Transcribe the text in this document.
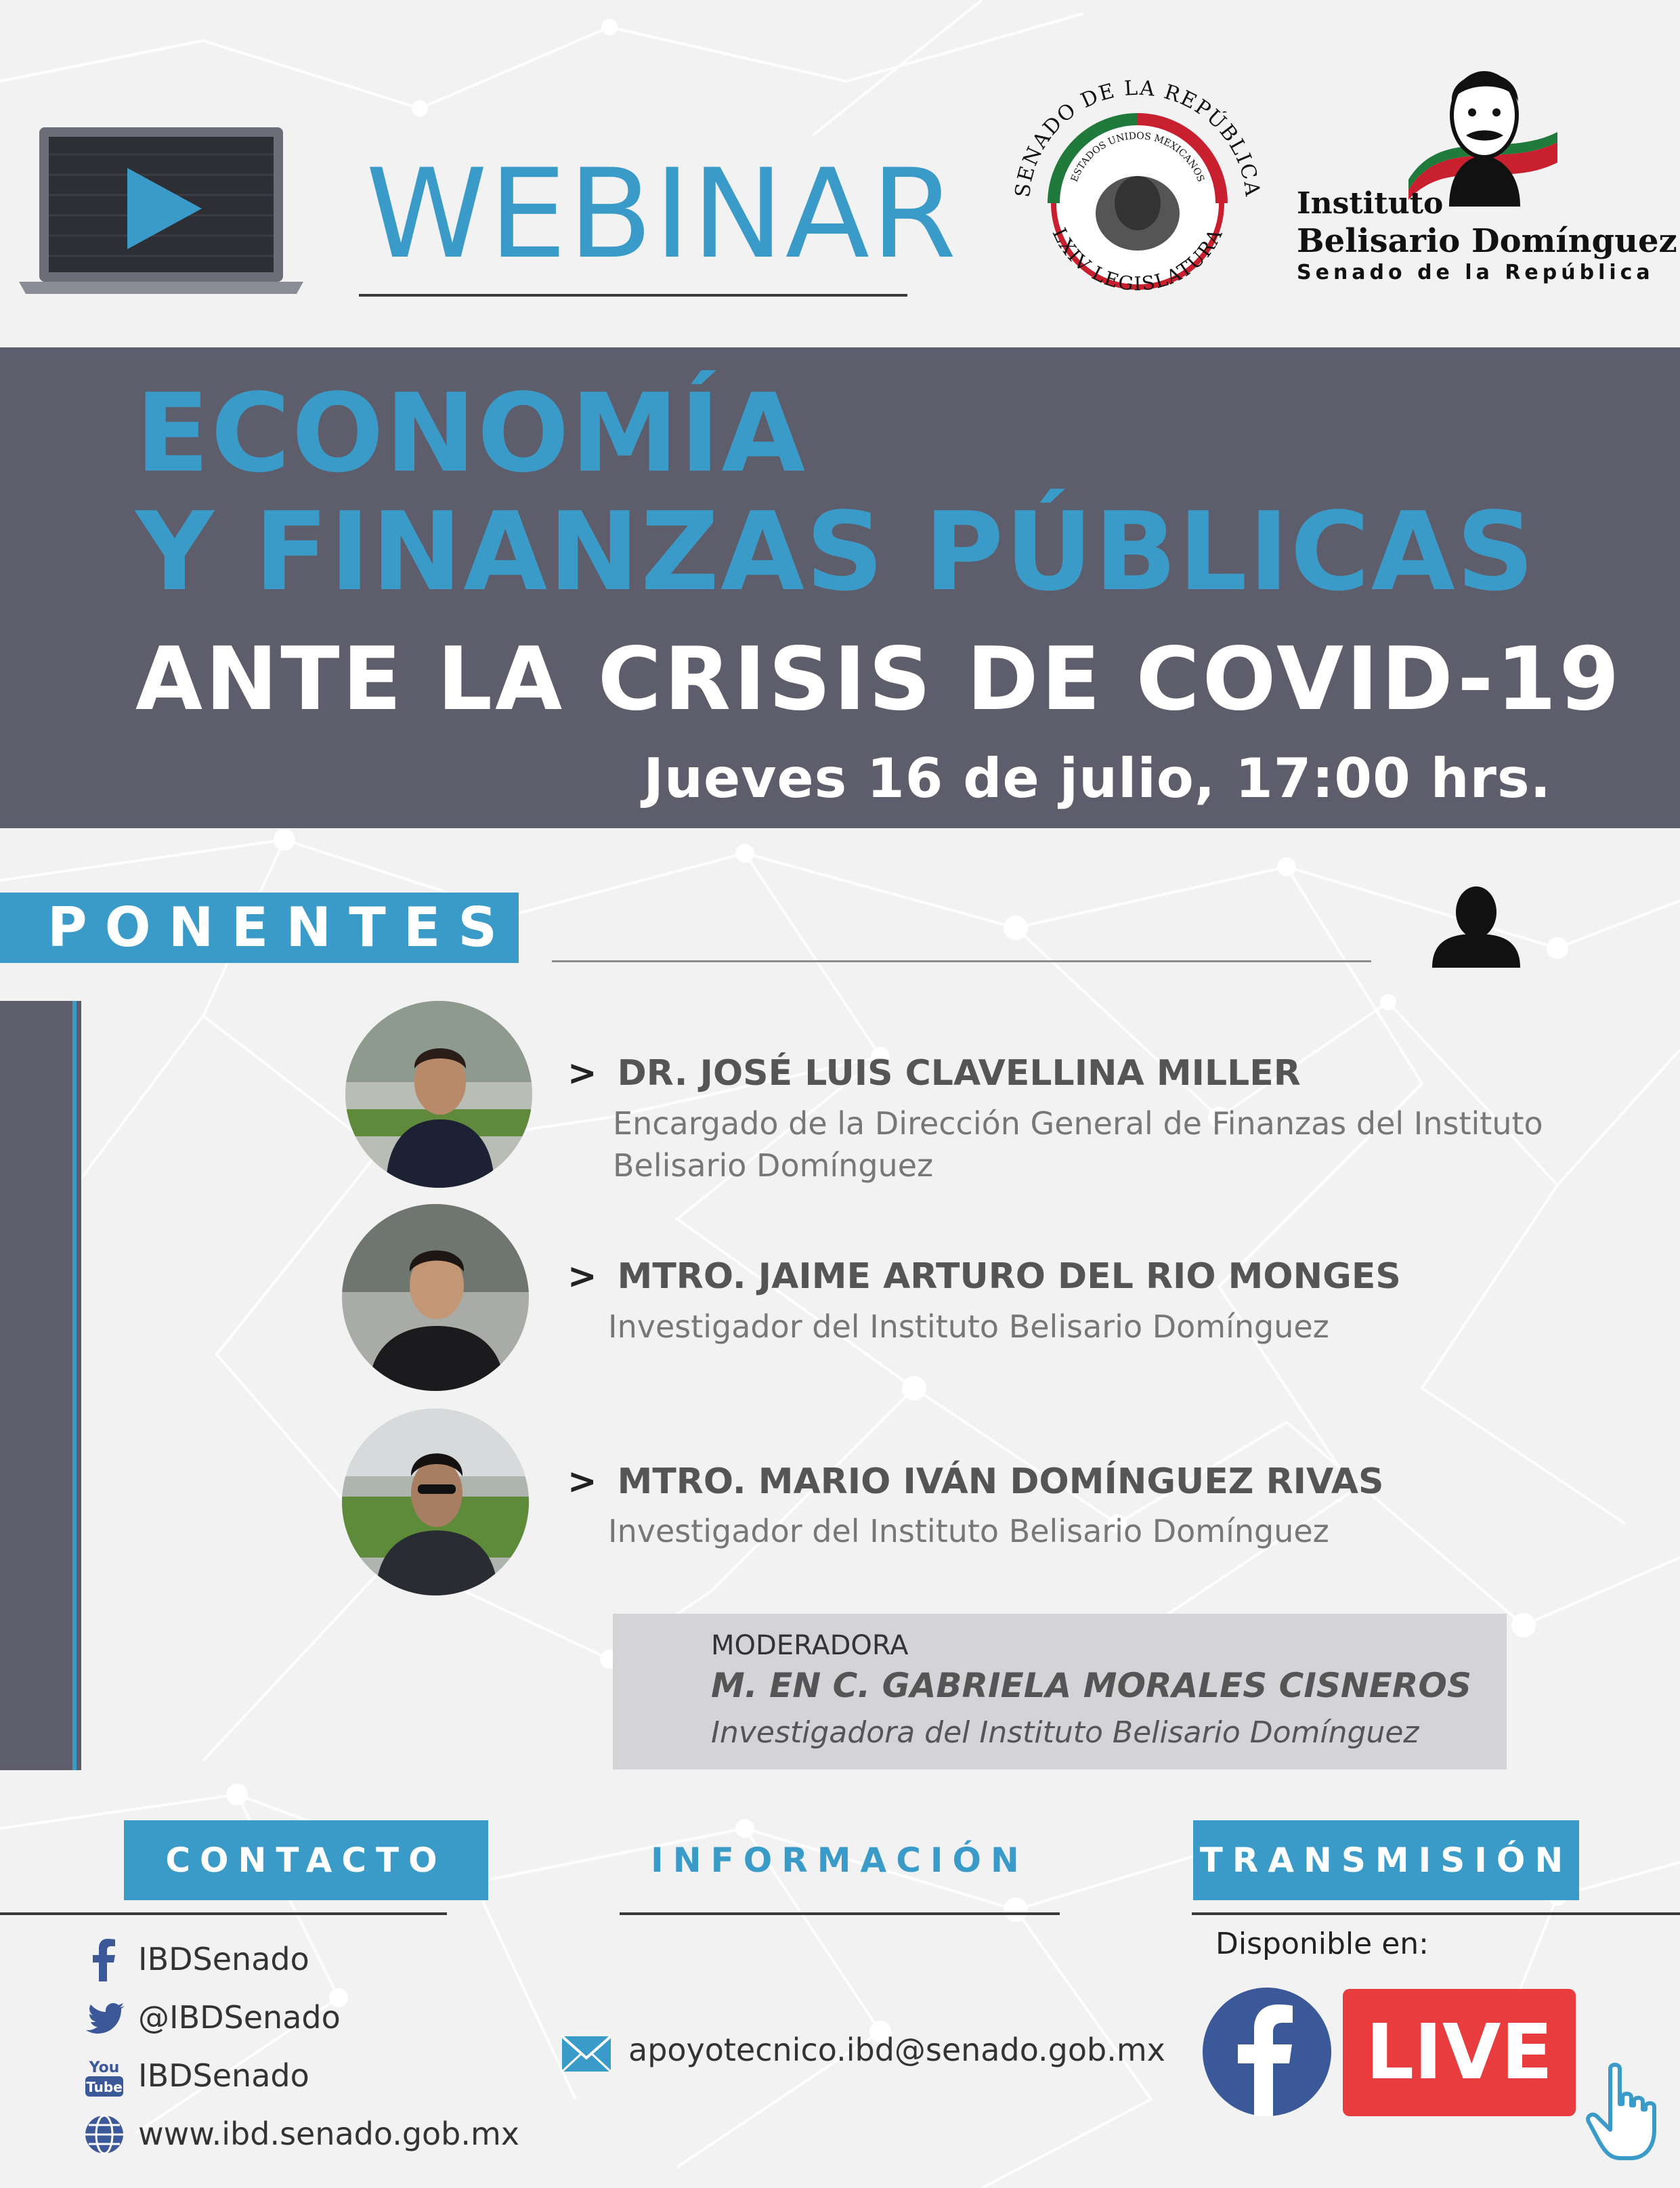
WEBINAR	SENADO DE LA REPÚBLICA
ESTADOS UNIDOS MEXICANOS
LXIV LEGISLATURA
Instituto
Belisario Domínguez
Senado de la República
ECONOMÍA
Y FINANZAS PÚBLICAS
ANTE LA CRISIS DE COVID-19
Jueves 16 de julio, 17:00 hrs.
PONENTES
> DR. JOSÉ LUIS CLAVELLINA MILLER
Encargado de la Dirección General de Finanzas del Instituto
Belisario Domínguez
> MTRO. JAIME ARTURO DEL RIO MONGES
Investigador del Instituto Belisario Domínguez
> MTRO. MARIO IVÁN DOMÍNGUEZ RIVAS
Investigador del Instituto Belisario Domínguez
MODERADORA
M. EN C. GABRIELA MORALES CISNEROS
Investigadora del Instituto Belisario Domínguez
CONTACTO	INFORMACIÓN	TRANSMISIÓN
IBDSenado
@IBDSenado
You
Tube IBDSenado
www.ibd.senado.gob.mx
apoyotecnico.ibd@senado.gob.mx
Disponible en:
LIVE
